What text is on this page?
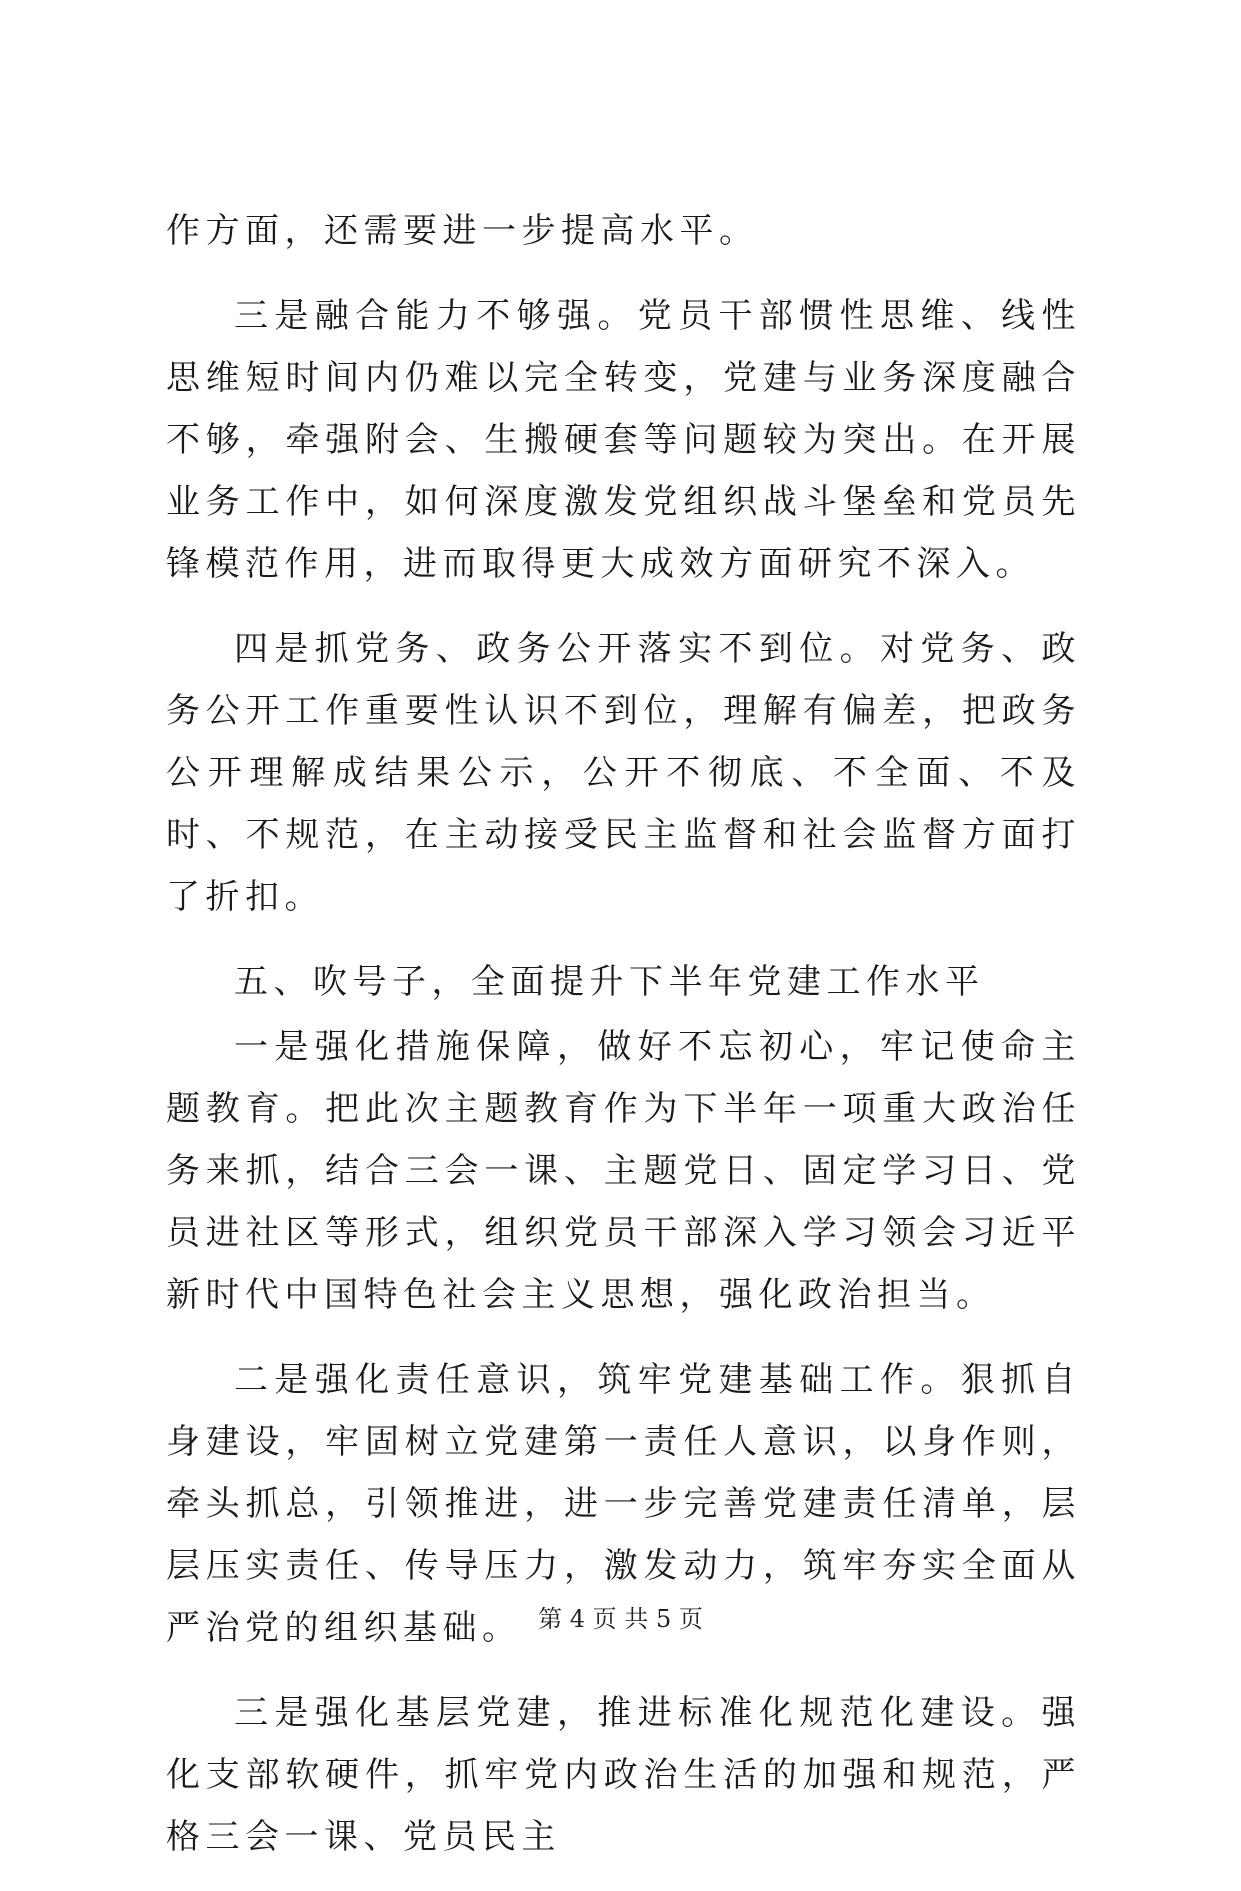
作方面，还需要进一步提高水平。

三是融合能力不够强。党员干部惯性思维、线性思维短时间内仍难以完全转变，党建与业务深度融合不够，牵强附会、生搬硬套等问题较为突出。在开展业务工作中，如何深度激发党组织战斗堡垒和党员先锋模范作用，进而取得更大成效方面研究不深入。

四是抓党务、政务公开落实不到位。对党务、政务公开工作重要性认识不到位，理解有偏差，把政务公开理解成结果公示，公开不彻底、不全面、不及时、不规范，在主动接受民主监督和社会监督方面打了折扣。

五、吹号子，全面提升下半年党建工作水平

一是强化措施保障，做好不忘初心，牢记使命主题教育。把此次主题教育作为下半年一项重大政治任务来抓，结合三会一课、主题党日、固定学习日、党员进社区等形式，组织党员干部深入学习领会习近平新时代中国特色社会主义思想，强化政治担当。

二是强化责任意识，筑牢党建基础工作。狠抓自身建设，牢固树立党建第一责任人意识，以身作则，牵头抓总，引领推进，进一步完善党建责任清单，层层压实责任、传导压力，激发动力，筑牢夯实全面从严治党的组织基础。

三是强化基层党建，推进标准化规范化建设。强化支部软硬件，抓牢党内政治生活的加强和规范，严格三会一课、党员民主

第 4 页 共 5 页
